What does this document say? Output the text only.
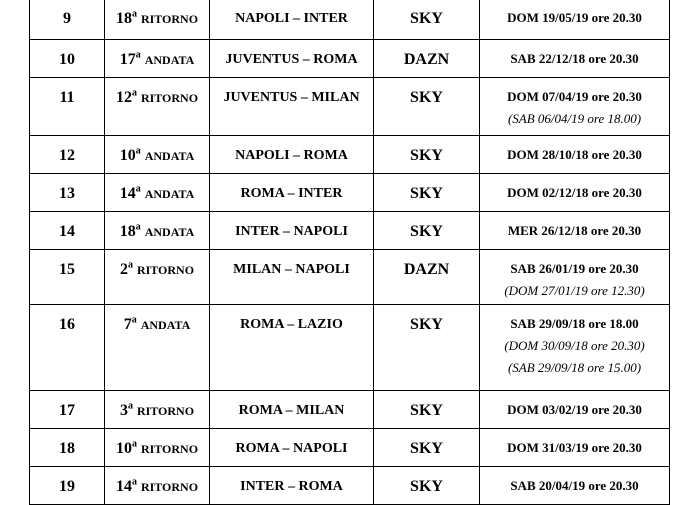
9	18$^a$ RITORNO	NAPOLI – INTER	SKY	DOM 19/05/19 ore 20.30

10	17$^a$ ANDATA	JUVENTUS – ROMA	DAZN	SAB 22/12/18 ore 20.30

11	12$^a$ RITORNO	JUVENTUS – MILAN	SKY	DOM 07/04/19 ore 20.30
(SAB 06/04/19 ore 18.00)

12	10$^a$ ANDATA	NAPOLI – ROMA	SKY	DOM 28/10/18 ore 20.30

13	14$^a$ ANDATA	ROMA – INTER	SKY	DOM 02/12/18 ore 20.30

14	18$^a$ ANDATA	INTER – NAPOLI	SKY	MER 26/12/18 ore 20.30

15	2$^a$ RITORNO	MILAN – NAPOLI	DAZN	SAB 26/01/19 ore 20.30
(DOM 27/01/19 ore 12.30)

16	7$^a$ ANDATA	ROMA – LAZIO	SKY	SAB 29/09/18 ore 18.00
(DOM 30/09/18 ore 20.30)
(SAB 29/09/18 ore 15.00)

17	3$^a$ RITORNO	ROMA – MILAN	SKY	DOM 03/02/19 ore 20.30

18	10$^a$ RITORNO	ROMA – NAPOLI	SKY	DOM 31/03/19 ore 20.30

19	14$^a$ RITORNO	INTER – ROMA	SKY	SAB 20/04/19 ore 20.30
